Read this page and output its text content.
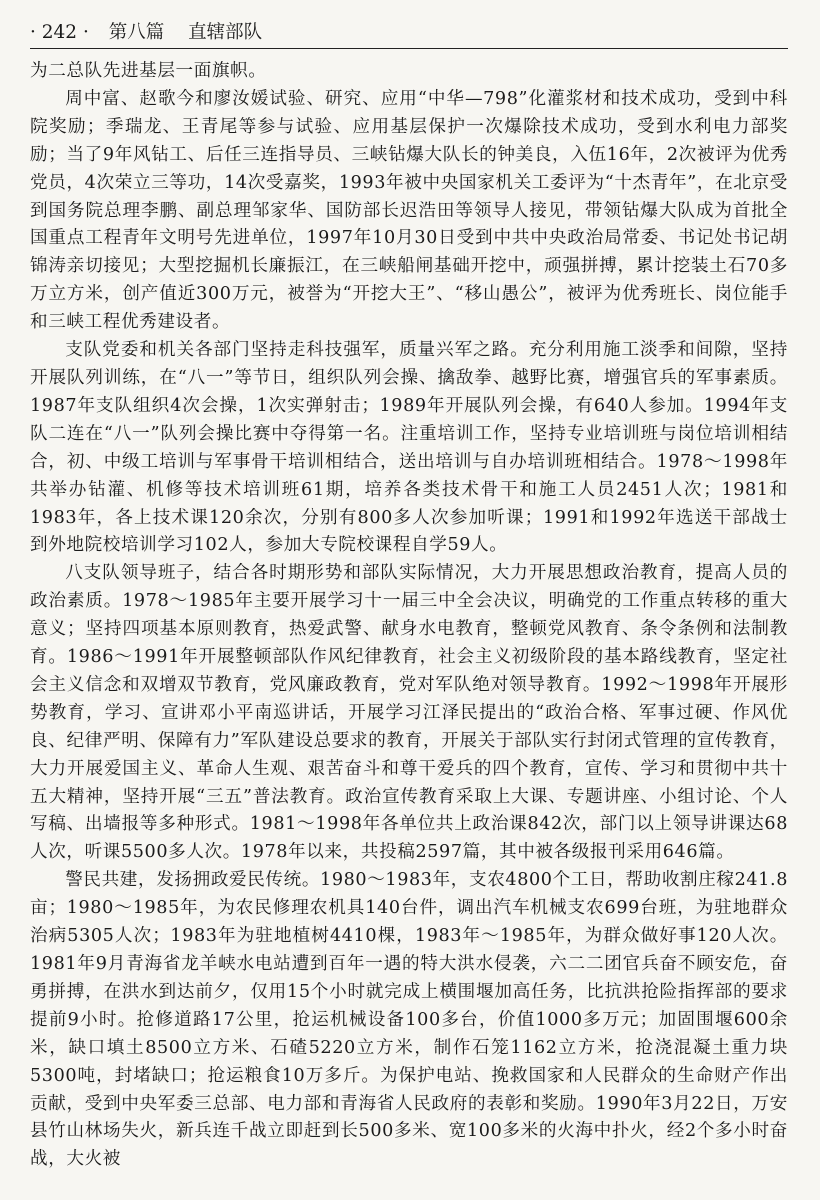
· 242 · 第八篇 直辖部队

为二总队先进基层一面旗帜。

周中富、赵歌今和廖汝媛试验、研究、应用“中华—798”化灌浆材和技术成功，受到中科院奖励；季瑞龙、王青尾等参与试验、应用基层保护一次爆除技术成功，受到水利电力部奖励；当了9年风钻工、后任三连指导员、三峡钻爆大队长的钟美良，入伍16年，2次被评为优秀党员，4次荣立三等功，14次受嘉奖，1993年被中央国家机关工委评为“十杰青年”，在北京受到国务院总理李鹏、副总理邹家华、国防部长迟浩田等领导人接见，带领钻爆大队成为首批全国重点工程青年文明号先进单位，1997年10月30日受到中共中央政治局常委、书记处书记胡锦涛亲切接见；大型挖掘机长廉振江，在三峡船闸基础开挖中，顽强拼搏，累计挖装土石70多万立方米，创产值近300万元，被誉为“开挖大王”、“移山愚公”，被评为优秀班长、岗位能手和三峡工程优秀建设者。

支队党委和机关各部门坚持走科技强军，质量兴军之路。充分利用施工淡季和间隙，坚持开展队列训练，在“八一”等节日，组织队列会操、擒敌拳、越野比赛，增强官兵的军事素质。1987年支队组织4次会操，1次实弹射击；1989年开展队列会操，有640人参加。1994年支队二连在“八一”队列会操比赛中夺得第一名。注重培训工作，坚持专业培训班与岗位培训相结合，初、中级工培训与军事骨干培训相结合，送出培训与自办培训班相结合。1978～1998年共举办钻灌、机修等技术培训班61期，培养各类技术骨干和施工人员2451人次；1981和1983年，各上技术课120余次，分别有800多人次参加听课；1991和1992年选送干部战士到外地院校培训学习102人，参加大专院校课程自学59人。

八支队领导班子，结合各时期形势和部队实际情况，大力开展思想政治教育，提高人员的政治素质。1978～1985年主要开展学习十一届三中全会决议，明确党的工作重点转移的重大意义；坚持四项基本原则教育，热爱武警、献身水电教育，整顿党风教育、条令条例和法制教育。1986～1991年开展整顿部队作风纪律教育，社会主义初级阶段的基本路线教育，坚定社会主义信念和双增双节教育，党风廉政教育，党对军队绝对领导教育。1992～1998年开展形势教育，学习、宣讲邓小平南巡讲话，开展学习江泽民提出的“政治合格、军事过硬、作风优良、纪律严明、保障有力”军队建设总要求的教育，开展关于部队实行封闭式管理的宣传教育，大力开展爱国主义、革命人生观、艰苦奋斗和尊干爱兵的四个教育，宣传、学习和贯彻中共十五大精神，坚持开展“三五”普法教育。政治宣传教育采取上大课、专题讲座、小组讨论、个人写稿、出墙报等多种形式。1981～1998年各单位共上政治课842次，部门以上领导讲课达68人次，听课5500多人次。1978年以来，共投稿2597篇，其中被各级报刊采用646篇。

警民共建，发扬拥政爱民传统。1980～1983年，支农4800个工日，帮助收割庄稼241.8亩；1980～1985年，为农民修理农机具140台件，调出汽车机械支农699台班，为驻地群众治病5305人次；1983年为驻地植树4410棵，1983年～1985年，为群众做好事120人次。1981年9月青海省龙羊峡水电站遭到百年一遇的特大洪水侵袭，六二二团官兵奋不顾安危，奋勇拼搏，在洪水到达前夕，仅用15个小时就完成上横围堰加高任务，比抗洪抢险指挥部的要求提前9小时。抢修道路17公里，抢运机械设备100多台，价值1000多万元；加固围堰600余米，缺口填土8500立方米、石碴5220立方米，制作石笼1162立方米，抢浇混凝土重力块5300吨，封堵缺口；抢运粮食10万多斤。为保护电站、挽救国家和人民群众的生命财产作出贡献，受到中央军委三总部、电力部和青海省人民政府的表彰和奖励。1990年3月22日，万安县竹山林场失火，新兵连千战立即赶到长500多米、宽100多米的火海中扑火，经2个多小时奋战，大火被
